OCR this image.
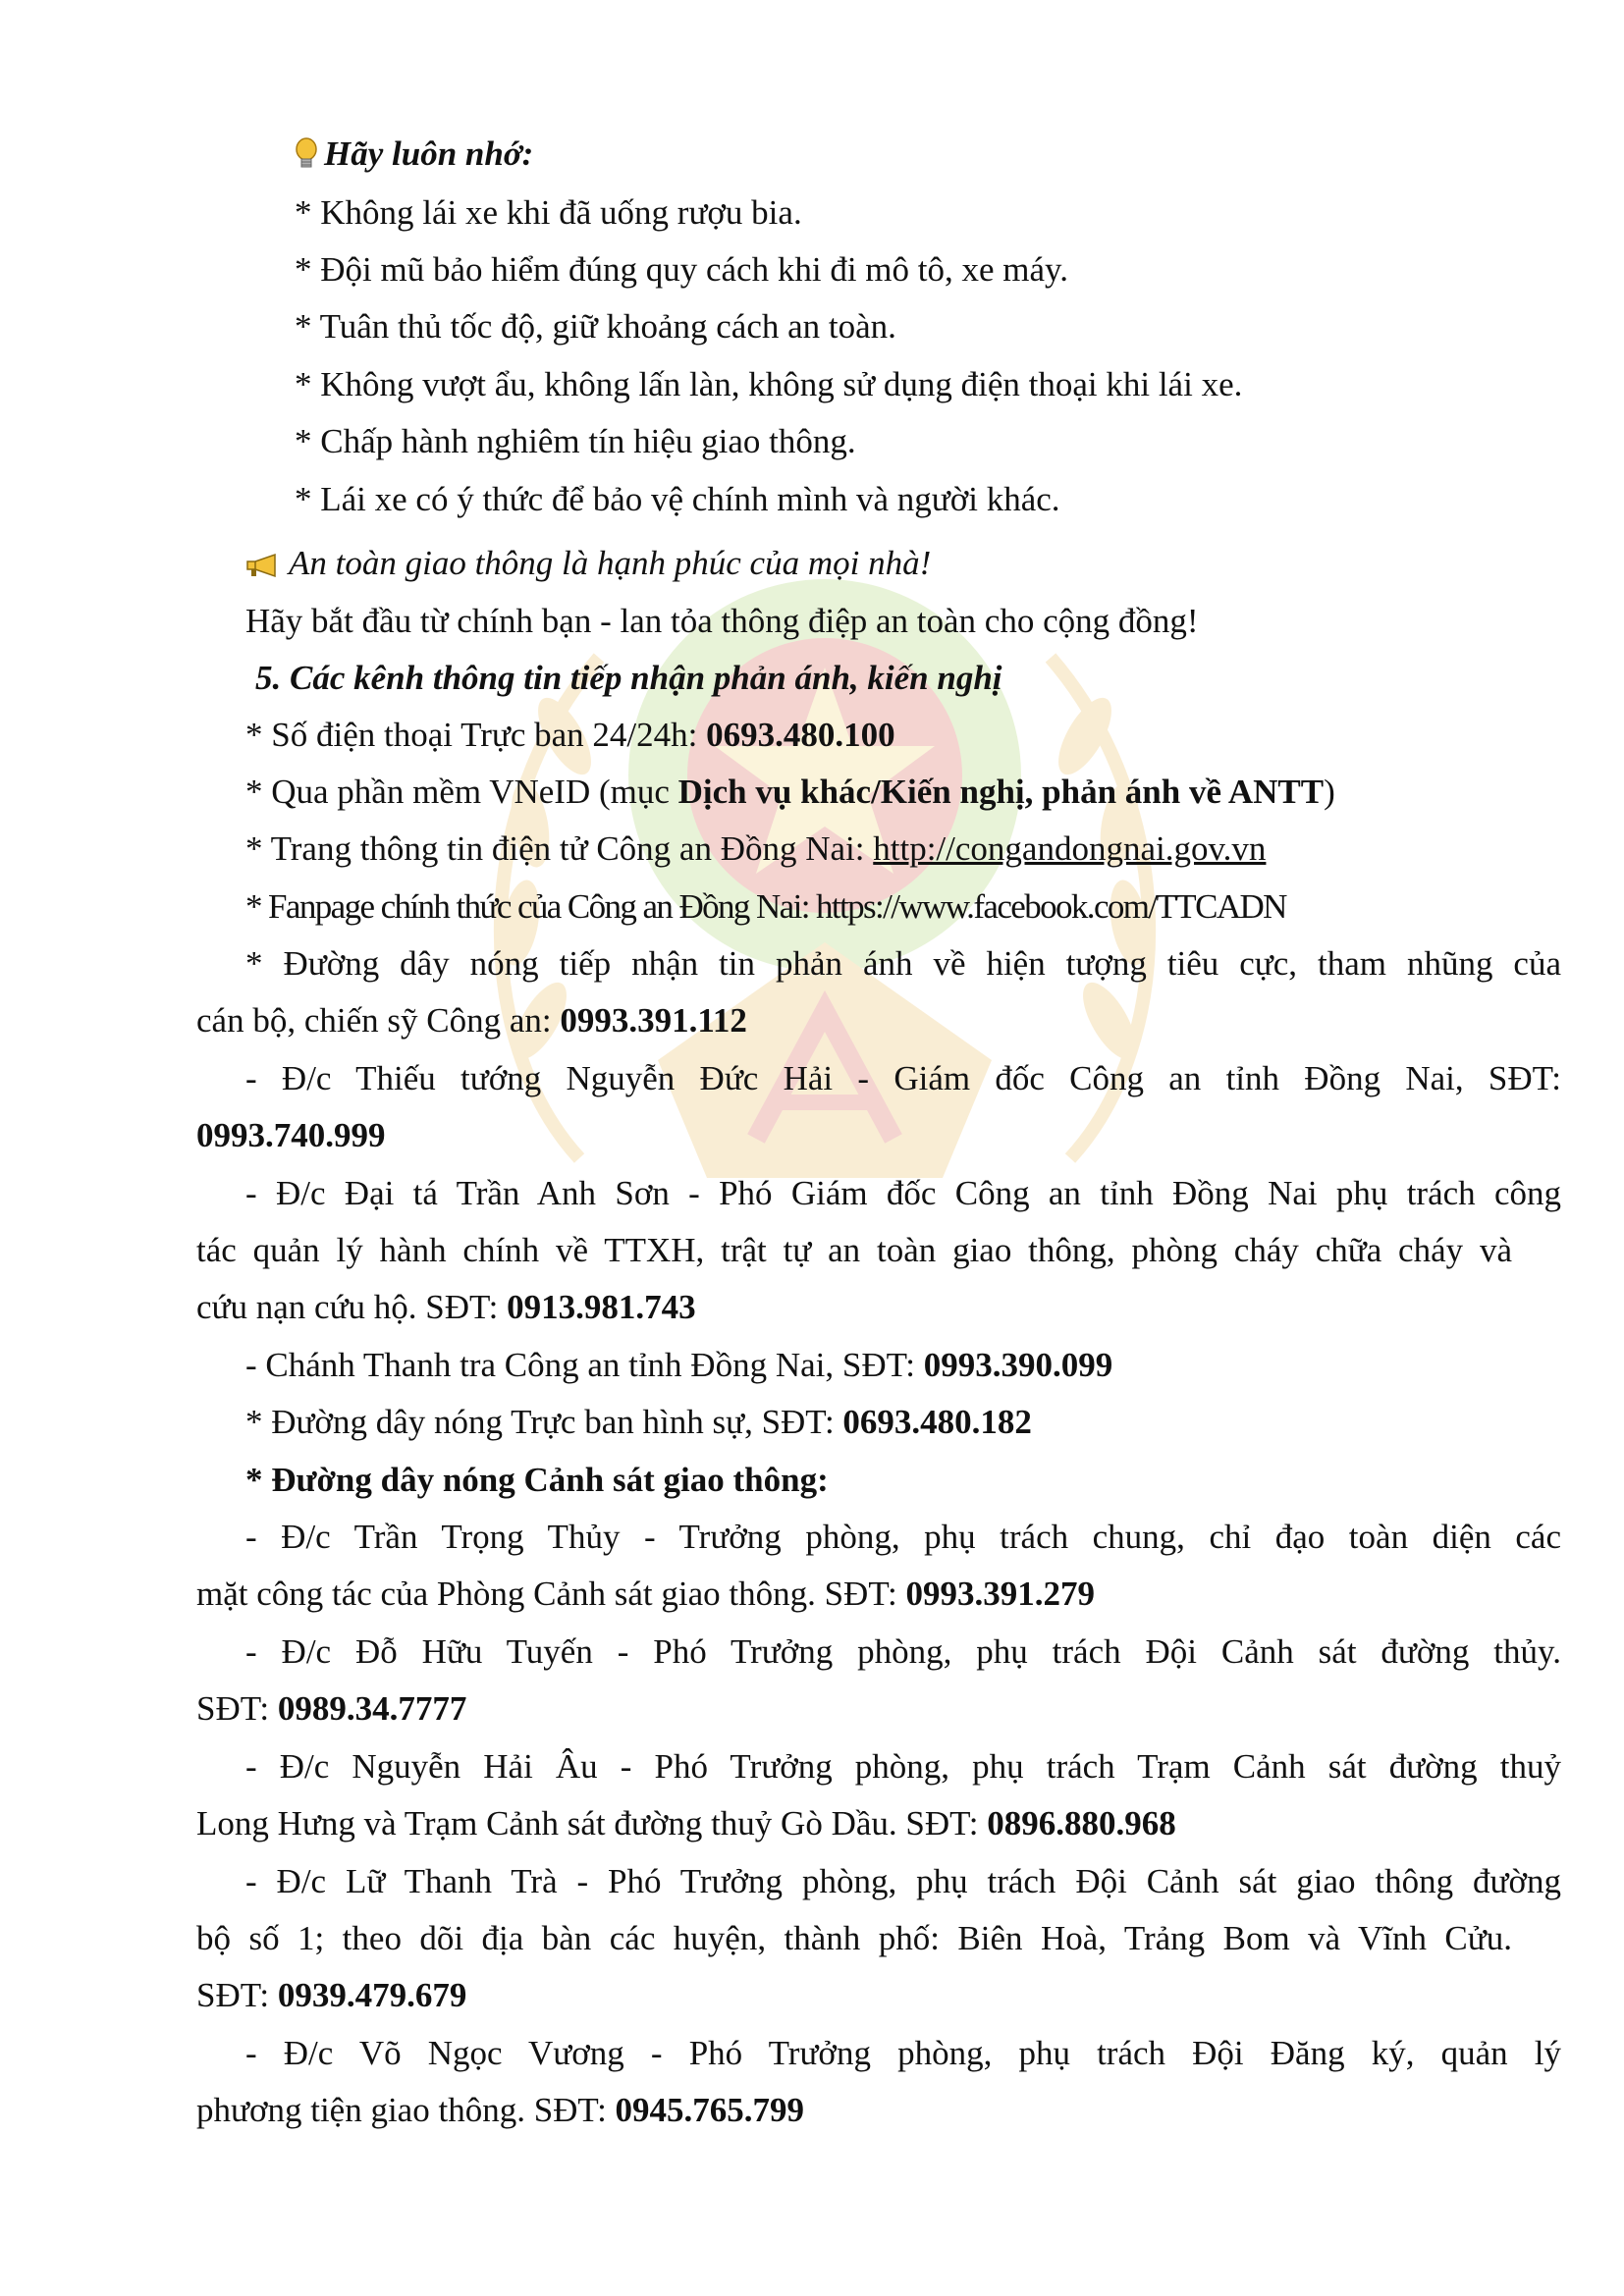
Hãy luôn nhớ:
* Không lái xe khi đã uống rượu bia.
* Đội mũ bảo hiểm đúng quy cách khi đi mô tô, xe máy.
* Tuân thủ tốc độ, giữ khoảng cách an toàn.
* Không vượt ẩu, không lấn làn, không sử dụng điện thoại khi lái xe.
* Chấp hành nghiêm tín hiệu giao thông.
* Lái xe có ý thức để bảo vệ chính mình và người khác.
An toàn giao thông là hạnh phúc của mọi nhà!
Hãy bắt đầu từ chính bạn - lan tỏa thông điệp an toàn cho cộng đồng!
5. Các kênh thông tin tiếp nhận phản ánh, kiến nghị
* Số điện thoại Trực ban 24/24h: 0693.480.100
* Qua phần mềm VNeID (mục Dịch vụ khác/Kiến nghị, phản ánh về ANTT)
* Trang thông tin điện tử Công an Đồng Nai: http://congandongnai.gov.vn
* Fanpage chính thức của Công an Đồng Nai: https://www.facebook.com/TTCADN
* Đường dây nóng tiếp nhận tin phản ánh về hiện tượng tiêu cực, tham nhũng của
cán bộ, chiến sỹ Công an: 0993.391.112
- Đ/c Thiếu tướng Nguyễn Đức Hải - Giám đốc Công an tỉnh Đồng Nai, SĐT:
0993.740.999
- Đ/c Đại tá Trần Anh Sơn - Phó Giám đốc Công an tỉnh Đồng Nai phụ trách công
tác quản lý hành chính về TTXH, trật tự an toàn giao thông, phòng cháy chữa cháy và
cứu nạn cứu hộ. SĐT: 0913.981.743
- Chánh Thanh tra Công an tỉnh Đồng Nai, SĐT: 0993.390.099
* Đường dây nóng Trực ban hình sự, SĐT: 0693.480.182
* Đường dây nóng Cảnh sát giao thông:
- Đ/c Trần Trọng Thủy - Trưởng phòng, phụ trách chung, chỉ đạo toàn diện các
mặt công tác của Phòng Cảnh sát giao thông. SĐT: 0993.391.279
- Đ/c Đỗ Hữu Tuyến - Phó Trưởng phòng, phụ trách Đội Cảnh sát đường thủy.
SĐT: 0989.34.7777
- Đ/c Nguyễn Hải Âu - Phó Trưởng phòng, phụ trách Trạm Cảnh sát đường thuỷ
Long Hưng và Trạm Cảnh sát đường thuỷ Gò Dầu. SĐT: 0896.880.968
- Đ/c Lữ Thanh Trà - Phó Trưởng phòng, phụ trách Đội Cảnh sát giao thông đường
bộ số 1; theo dõi địa bàn các huyện, thành phố: Biên Hoà, Trảng Bom và Vĩnh Cửu.
SĐT: 0939.479.679
- Đ/c Võ Ngọc Vương - Phó Trưởng phòng, phụ trách Đội Đăng ký, quản lý
phương tiện giao thông. SĐT: 0945.765.799
